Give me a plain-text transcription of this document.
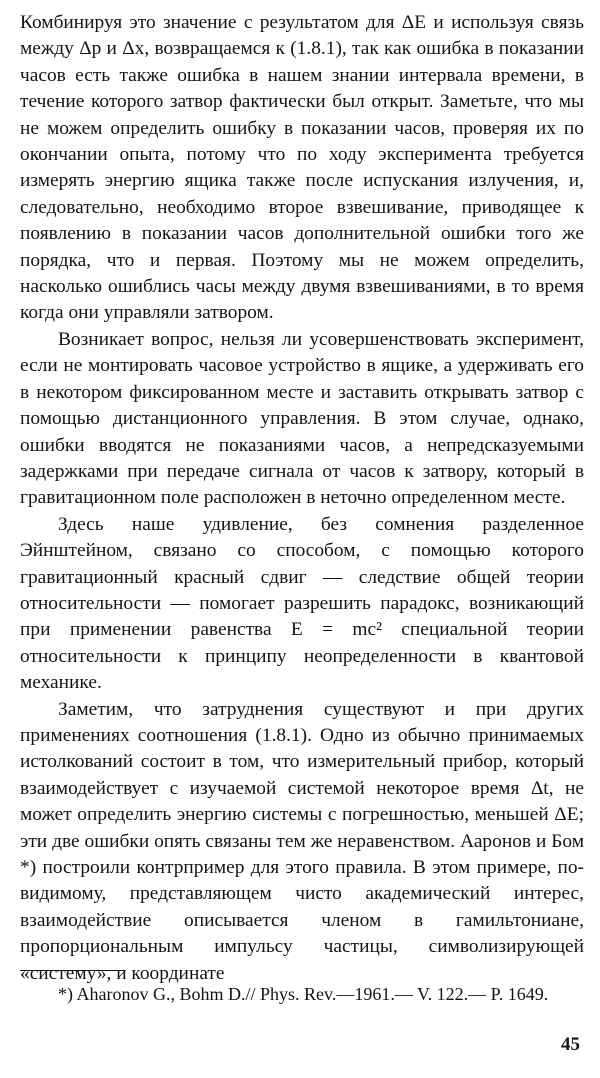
Комбинируя это значение с результатом для ΔE и используя связь между Δp и Δx, возвращаемся к (1.8.1), так как ошибка в показании часов есть также ошибка в нашем знании интервала времени, в течение которого затвор фактически был открыт. Заметьте, что мы не можем определить ошибку в показании часов, проверяя их по окончании опыта, потому что по ходу эксперимента требуется измерять энергию ящика также после испускания излучения, и, следовательно, необходимо второе взвешивание, приводящее к появлению в показании часов дополнительной ошибки того же порядка, что и первая. Поэтому мы не можем определить, насколько ошиблись часы между двумя взвешиваниями, в то время когда они управляли затвором.

Возникает вопрос, нельзя ли усовершенствовать эксперимент, если не монтировать часовое устройство в ящике, а удерживать его в некотором фиксированном месте и заставить открывать затвор с помощью дистанционного управления. В этом случае, однако, ошибки вводятся не показаниями часов, а непредсказуемыми задержками при передаче сигнала от часов к затвору, который в гравитационном поле расположен в неточно определенном месте.

Здесь наше удивление, без сомнения разделенное Эйнштейном, связано со способом, с помощью которого гравитационный красный сдвиг — следствие общей теории относительности — помогает разрешить парадокс, возникающий при применении равенства E = mc² специальной теории относительности к принципу неопределенности в квантовой механике.

Заметим, что затруднения существуют и при других применениях соотношения (1.8.1). Одно из обычно принимаемых истолкований состоит в том, что измерительный прибор, который взаимодействует с изучаемой системой некоторое время Δt, не может определить энергию системы с погрешностью, меньшей ΔE; эти две ошибки опять связаны тем же неравенством. Ааронов и Бом *) построили контрпример для этого правила. В этом примере, по-видимому, представляющем чисто академический интерес, взаимодействие описывается членом в гамильтониане, пропорциональным импульсу частицы, символизирующей «систему», и координате

*) Aharonov G., Bohm D.// Phys. Rev.—1961.— V. 122.— P. 1649.

45
